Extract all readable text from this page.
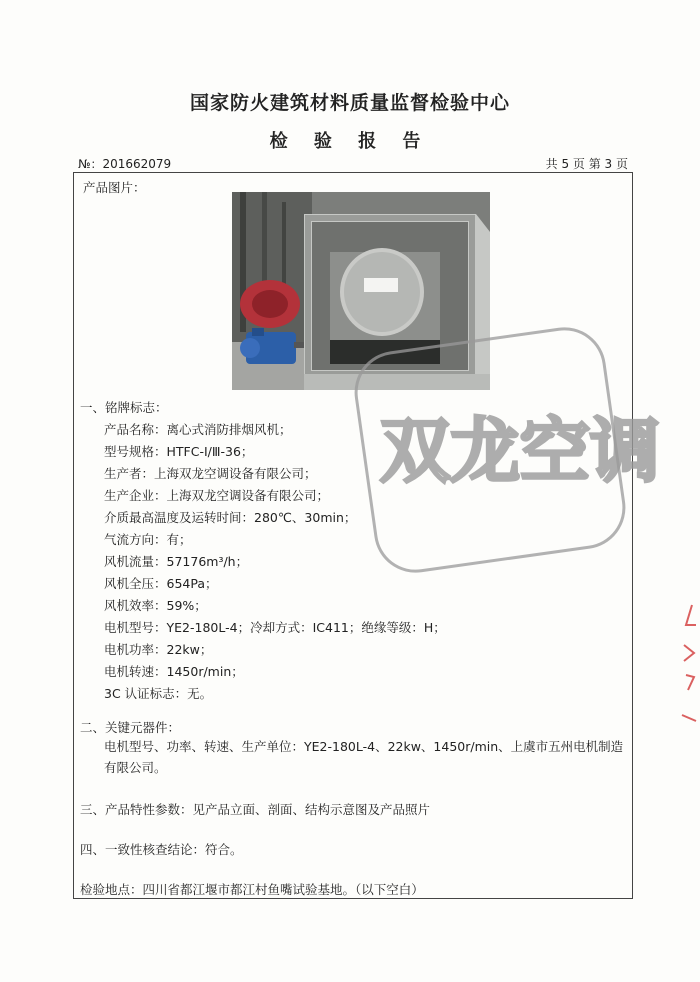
国家防火建筑材料质量监督检验中心
检 验 报 告
№：201662079	共 5 页 第 3 页
产品图片：
一、铭牌标志：
产品名称：离心式消防排烟风机；
型号规格：HTFC-Ⅰ/Ⅲ-36；
生产者：上海双龙空调设备有限公司；
生产企业：上海双龙空调设备有限公司；
介质最高温度及运转时间：280℃、30min；
气流方向：有；
风机流量：57176m³/h；
风机全压：654Pa；
风机效率：59%；
电机型号：YE2-180L-4；冷却方式：IC411；绝缘等级：H；
电机功率：22kw；
电机转速：1450r/min；
3C 认证标志：无。
二、关键元器件：
电机型号、功率、转速、生产单位：YE2-180L-4、22kw、1450r/min、上虞市五州电机制造有限公司。
三、产品特性参数：见产品立面、剖面、结构示意图及产品照片
四、一致性核查结论：符合。
检验地点：四川省都江堰市都江村鱼嘴试验基地。（以下空白）
双龙空调
